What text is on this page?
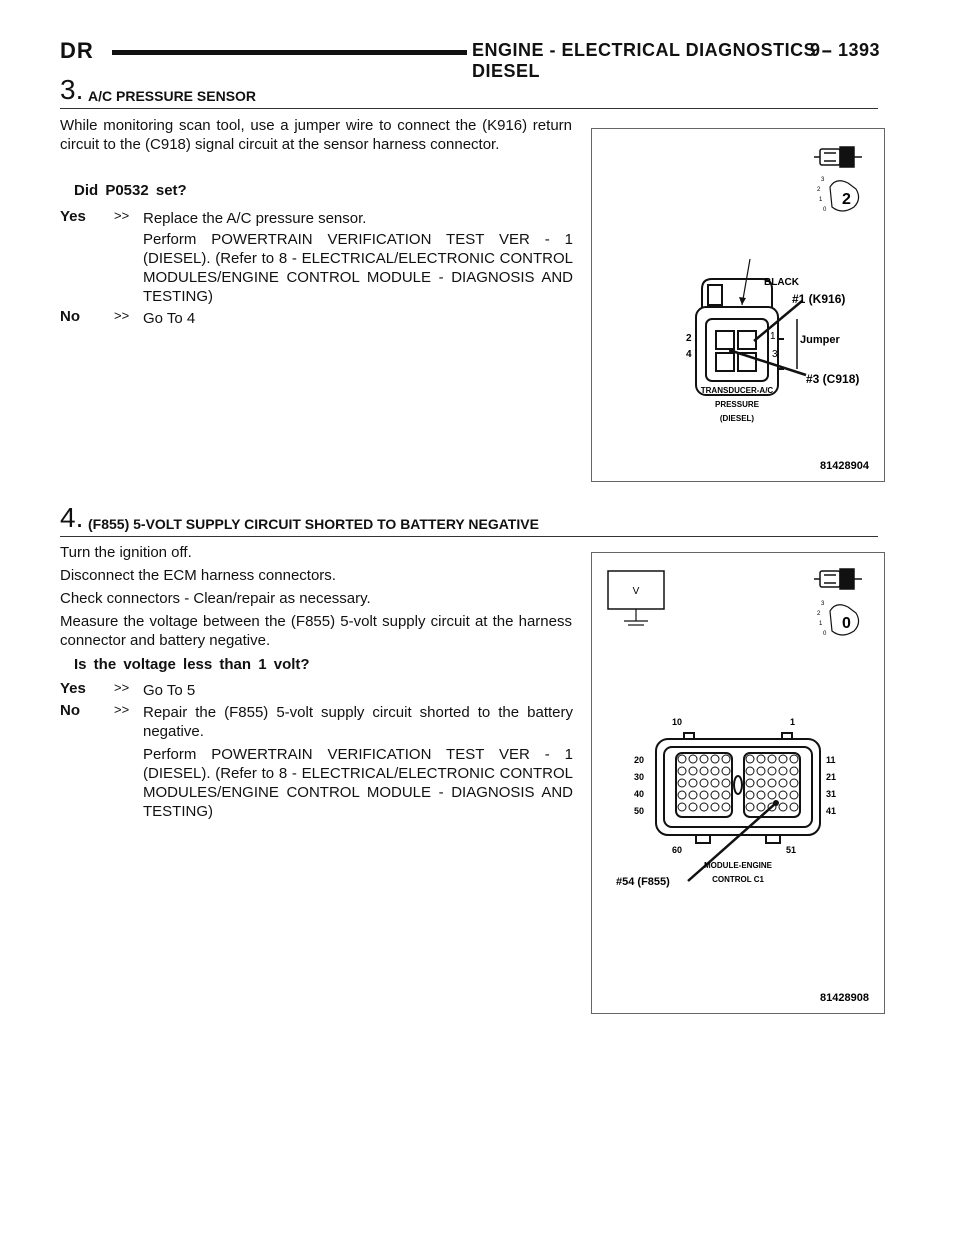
DR	ENGINE - ELECTRICAL DIAGNOSTICS - DIESEL
9 - 1393
3. A/C PRESSURE SENSOR
While monitoring scan tool, use a jumper wire to connect the (K916) return circuit to the (C918) signal circuit at the sensor harness connector.
Did P0532 set?
Yes >> Replace the A/C pressure sensor.
Perform POWERTRAIN VERIFICATION TEST VER - 1 (DIESEL). (Refer to 8 - ELECTRICAL/ELECTRONIC CONTROL MODULES/ENGINE CONTROL MODULE - DIAGNOSIS AND TESTING)
No	>> Go To 4
3
2
1
0
2
2
4
1
3
BLACK
#1 (K916)
Jumper
#3 (C918)
TRANSDUCER-A/C
PRESSURE
(DIESEL)
81428904
4. (F855) 5-VOLT SUPPLY CIRCUIT SHORTED TO BATTERY NEGATIVE
Turn the ignition off.
Disconnect the ECM harness connectors.
Check connectors - Clean/repair as necessary.
Measure the voltage between the (F855) 5-volt supply circuit at the harness connector and battery negative.
Is the voltage less than 1 volt?
Yes >> Go To 5
No	>> Repair the (F855) 5-volt supply circuit shorted to the battery negative.
Perform POWERTRAIN VERIFICATION TEST VER - 1 (DIESEL). (Refer to 8 - ELECTRICAL/ELECTRONIC CONTROL MODULES/ENGINE CONTROL MODULE - DIAGNOSIS AND TESTING)
V
3
2
1
0
0
10	1
20
30
40
50
11
21
31
41
60	51
#54 (F855)
MODULE-ENGINE
CONTROL C1
81428908
